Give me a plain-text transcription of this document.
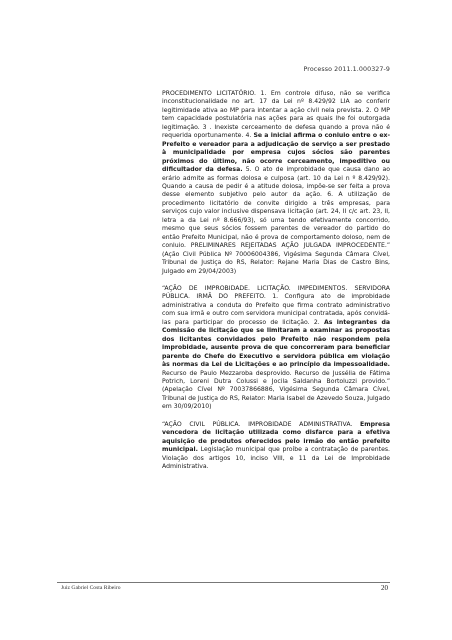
Processo 2011.1.000327-9

PROCEDIMENTO LICITATÓRIO. 1. Em controle difuso, não se verifica inconstitucionalidade no art. 17 da Lei nº 8.429/92 LIA ao conferir legitimidade ativa ao MP para intentar a ação civil nela prevista. 2. O MP tem capacidade postulatória nas ações para as quais lhe foi outorgada legitimação. 3 . Inexiste cerceamento de defesa quando a prova não é requerida oportunamente. 4. Se a inicial afirma o conluio entre o ex-Prefeito e vereador para a adjudicação de serviço a ser prestado à municipalidade por empresa cujos sócios são parentes próximos do último, não ocorre cerceamento, impeditivo ou dificultador da defesa. 5. O ato de improbidade que causa dano ao erário admite as formas dolosa e culposa (art. 10 da Lei n º 8.429/92). Quando a causa de pedir é a atitude dolosa, impõe-se ser feita a prova desse elemento subjetivo pelo autor da ação. 6. A utilização de procedimento licitatório de convite dirigido a três empresas, para serviços cujo valor inclusive dispensava licitação (art. 24, II c/c art. 23, II, letra a da Lei nº 8.666/93), só uma tendo efetivamente concorrido, mesmo que seus sócios fossem parentes de vereador do partido do então Prefeito Municipal, não é prova de comportamento doloso, nem de conluio. PRELIMINARES REJEITADAS AÇÃO JULGADA IMPROCEDENTE.” (Ação Civil Pública Nº 70006004386, Vigésima Segunda Câmara Cível, Tribunal de Justiça do RS, Relator: Rejane Maria Dias de Castro Bins, Julgado em 29/04/2003)

“AÇÃO DE IMPROBIDADE. LICITAÇÃO. IMPEDIMENTOS. SERVIDORA PÚBLICA. IRMÃ DO PREFEITO. 1. Configura ato de improbidade administrativa a conduta do Prefeito que firma contrato administrativo com sua irmã e outro com servidora municipal contratada, após convidá-las para participar do processo de licitação. 2. As integrantes da Comissão de licitação que se limitaram a examinar as propostas dos licitantes convidados pelo Prefeito não respondem pela improbidade, ausente prova de que concorreram para beneficiar parente do Chefe do Executivo e servidora pública em violação às normas da Lei de Licitações e ao princípio da impessoalidade. Recurso de Paulo Mezzaroba desprovido. Recurso de Jussélia de Fátima Potrich, Loreni Dutra Colussi e Jocila Saldanha Bortoluzzi provido.” (Apelação Cível Nº 70037866886, Vigésima Segunda Câmara Cível, Tribunal de Justiça do RS, Relator: Maria Isabel de Azevedo Souza, Julgado em 30/09/2010)

“AÇÃO CIVIL PÚBLICA. IMPROBIDADE ADMINISTRATIVA. Empresa vencedora de licitação utilizada como disfarce para a efetiva aquisição de produtos oferecidos pelo irmão do então prefeito municipal. Legislação municipal que proíbe a contratação de parentes. Violação dos artigos 10, inciso VIII, e 11 da Lei de Improbidade Administrativa.

Juiz Gabriel Costa Ribeiro	20
